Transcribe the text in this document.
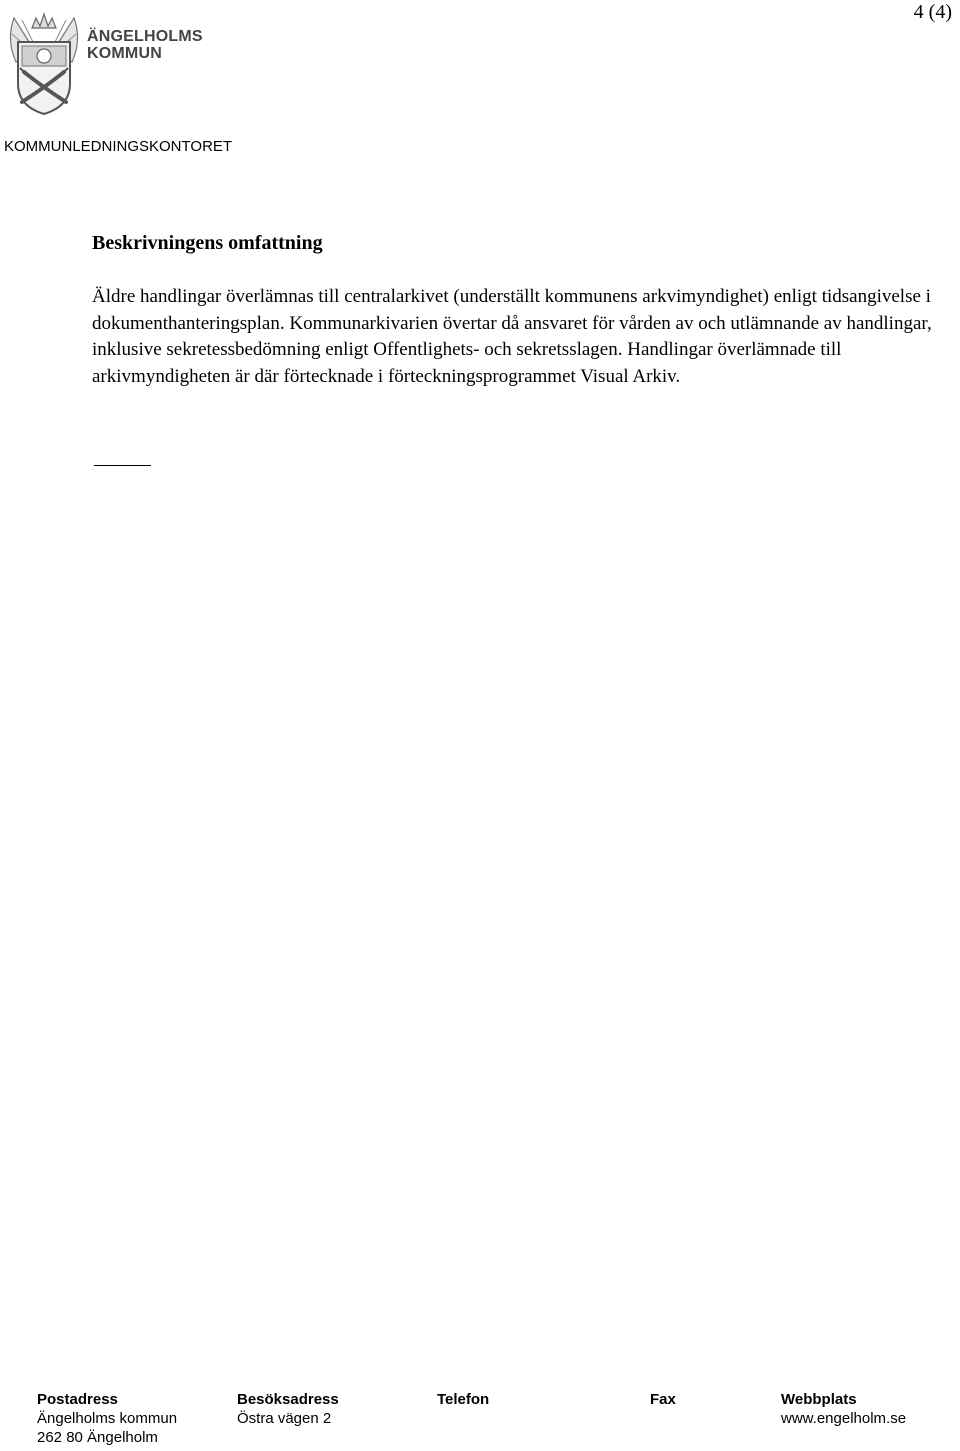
4 (4)
ÄNGELHOLMS KOMMUN
KOMMUNLEDNINGSKONTORET
Beskrivningens omfattning

Äldre handlingar överlämnas till centralarkivet (underställt kommunens arkvimyndighet) enligt tidsangivelse i dokumenthanteringsplan. Kommunarkivarien övertar då ansvaret för vården av och utlämnande av handlingar, inklusive sekretessbedömning enligt Offentlighets- och sekretsslagen. Handlingar överlämnade till arkivmyndigheten är där förtecknade i förteckningsprogrammet Visual Arkiv.

Postadress
Ängelholms kommun
262 80 Ängelholm
Besöksadress
Östra vägen 2
Telefon	Fax	Webbplats
www.engelholm.se
